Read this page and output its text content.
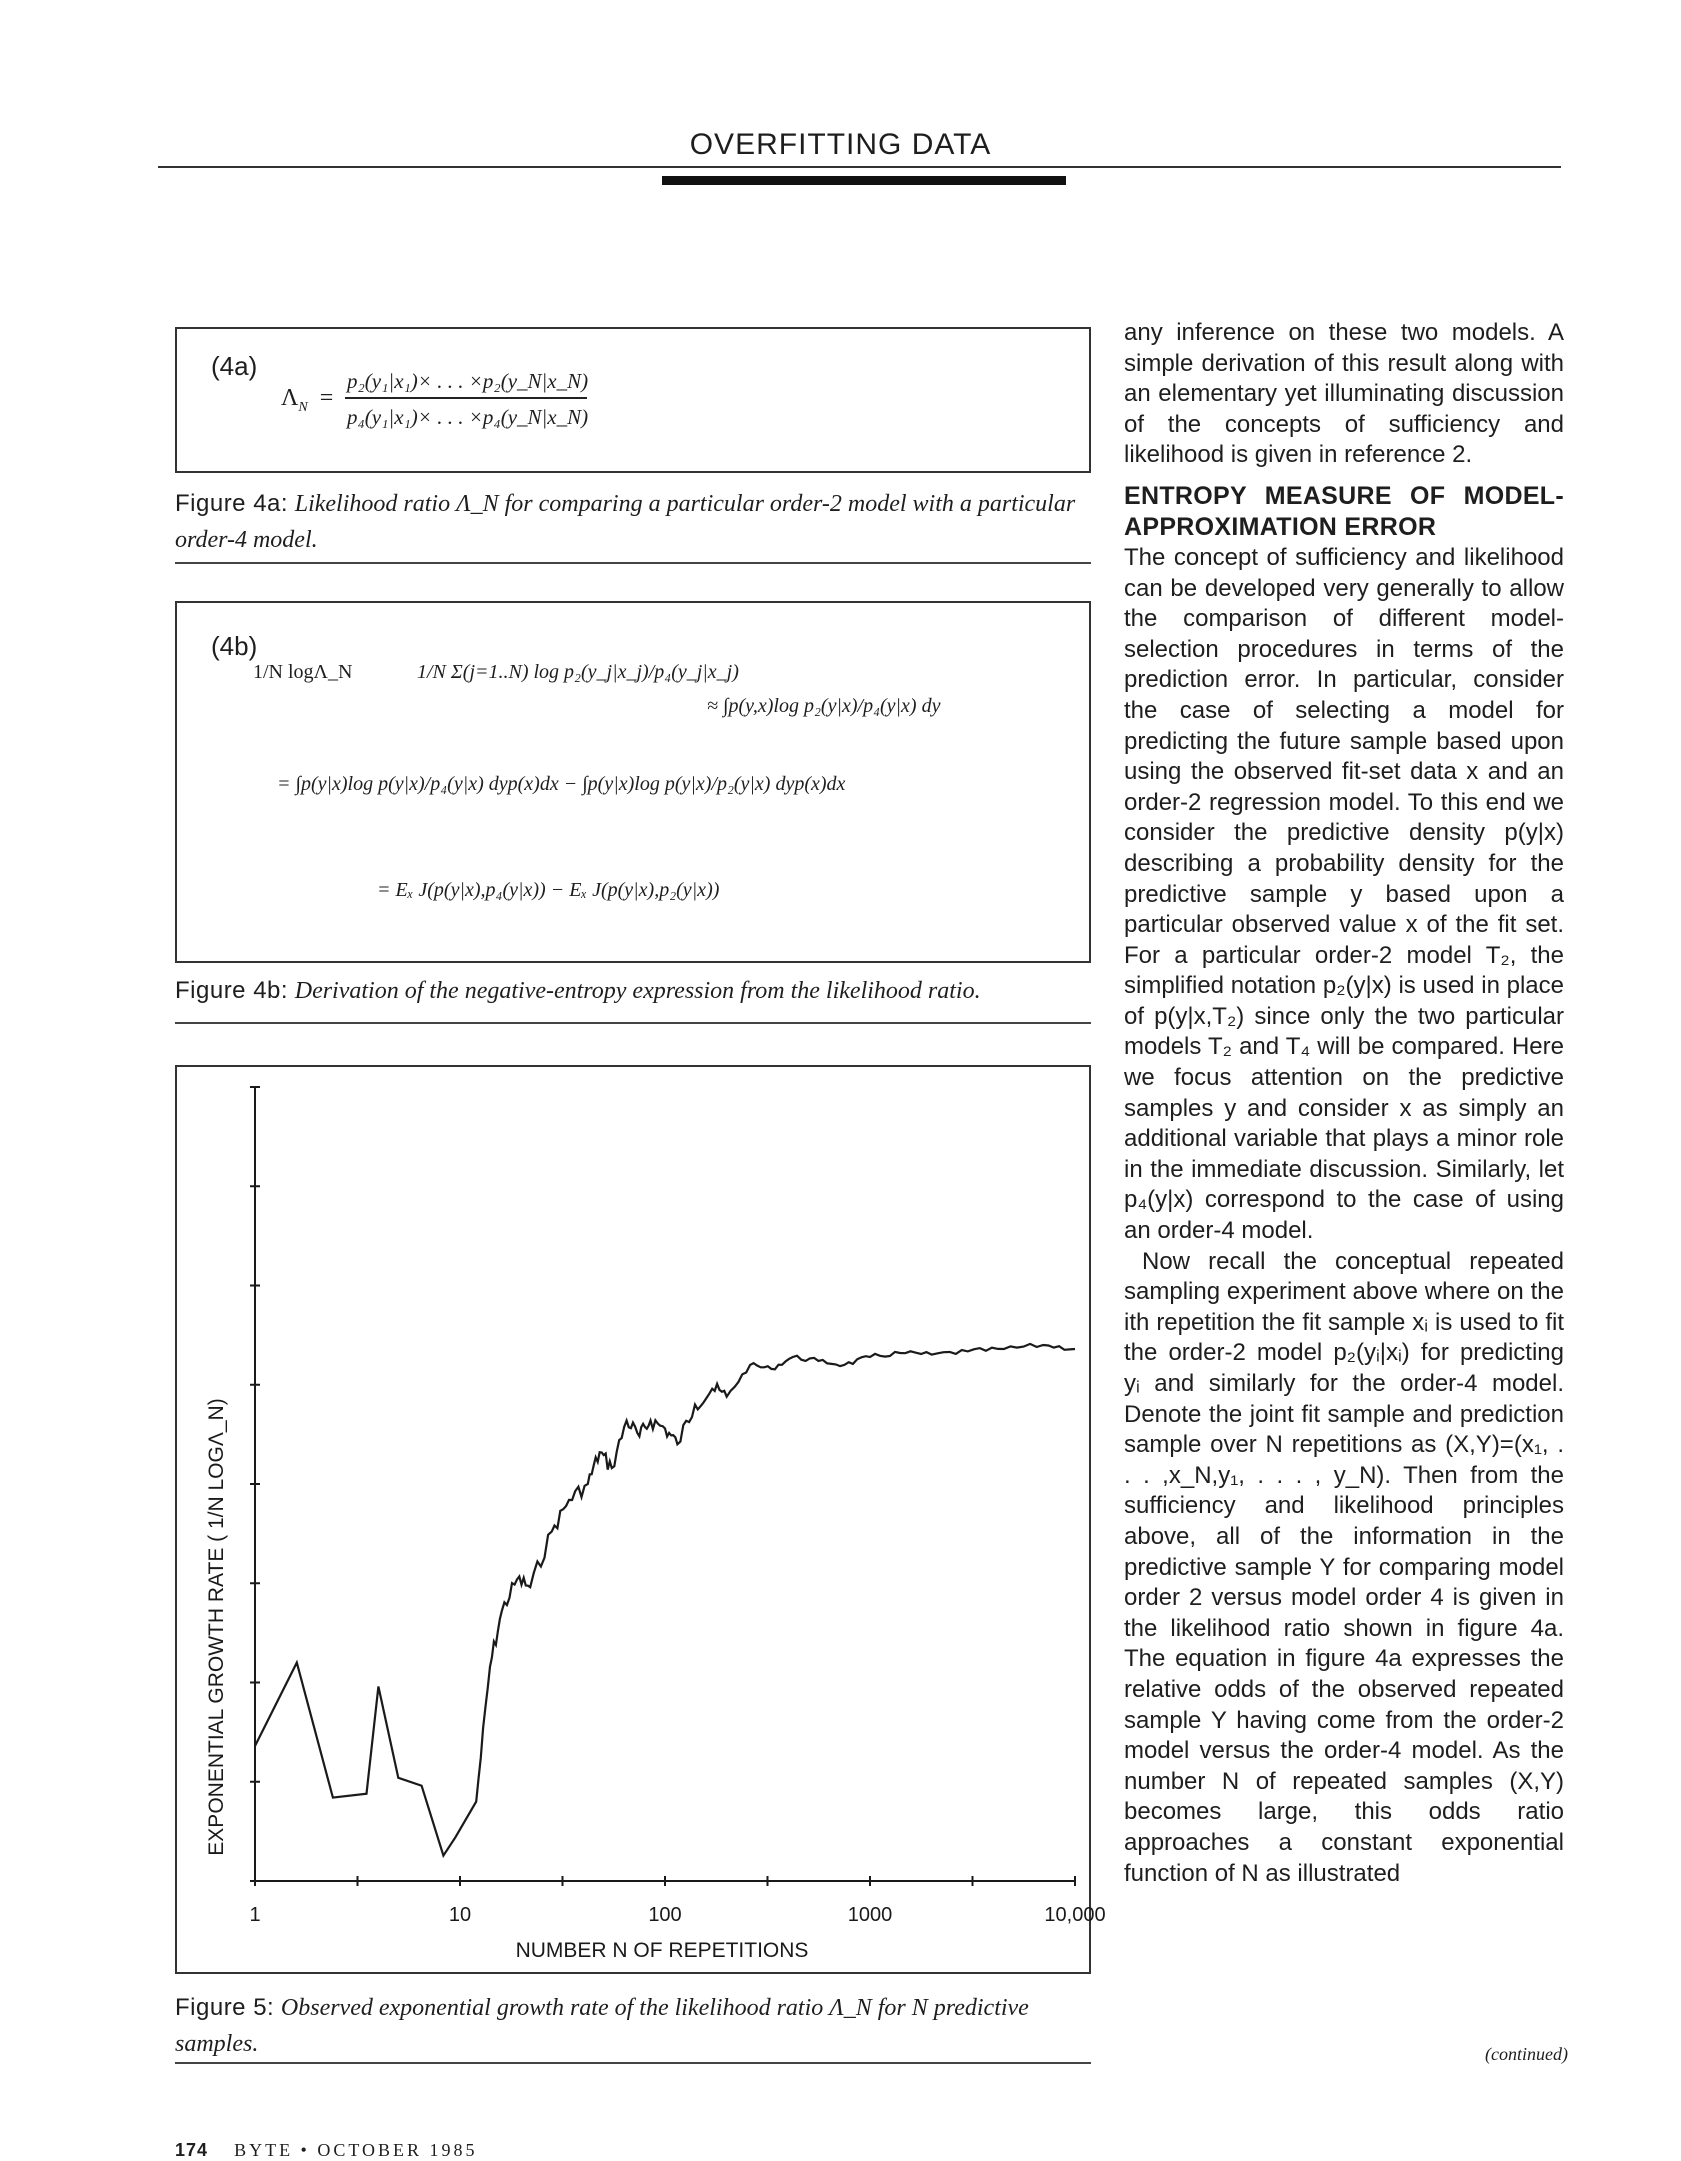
OVERFITTING DATA
(4a)
$\Lambda_N$ =
p₂(y₁|x₁)× . . . ×p₂(y_N|x_N)
p₄(y₁|x₁)× . . . ×p₄(y_N|x_N)
Figure 4a: Likelihood ratio Λ_N for comparing a particular order-2 model with a particular order-4 model.
(4b)
1/N logΛ_N	1/N Σ(j=1..N) log p₂(y_j|x_j)/p₄(y_j|x_j)
≈ ∫p(y,x)log p₂(y|x)/p₄(y|x) dy
= ∫p(y|x)log p(y|x)/p₄(y|x) dyp(x)dx − ∫p(y|x)log p(y|x)/p₂(y|x) dyp(x)dx
= Eₓ J(p(y|x),p₄(y|x)) − Eₓ J(p(y|x),p₂(y|x))
Figure 4b: Derivation of the negative-entropy expression from the likelihood ratio.
1	10	100	1000	10,000
NUMBER N OF REPETITIONS
EXPONENTIAL GROWTH RATE ( 1/N LOGΛ_N)
Figure 5: Observed exponential growth rate of the likelihood ratio Λ_N for N predictive samples.

any inference on these two models. A simple derivation of this result along with an elementary yet illuminating discussion of the concepts of sufficiency and likelihood is given in reference 2.

ENTROPY MEASURE OF MODEL-APPROXIMATION ERROR

The concept of sufficiency and likelihood can be developed very generally to allow the comparison of different model-selection procedures in terms of the prediction error. In particular, consider the case of selecting a model for predicting the future sample based upon using the observed fit-set data x and an order-2 regression model. To this end we consider the predictive density p(y|x) describing a probability density for the predictive sample y based upon a particular observed value x of the fit set. For a particular order-2 model T₂, the simplified notation p₂(y|x) is used in place of p(y|x,T₂) since only the two particular models T₂ and T₄ will be compared. Here we focus attention on the predictive samples y and consider x as simply an additional variable that plays a minor role in the immediate discussion. Similarly, let p₄(y|x) correspond to the case of using an order-4 model.

Now recall the conceptual repeated sampling experiment above where on the ith repetition the fit sample xᵢ is used to fit the order-2 model p₂(yᵢ|xᵢ) for predicting yᵢ and similarly for the order-4 model. Denote the joint fit sample and prediction sample over N repetitions as (X,Y)=(x₁, . . . ,x_N,y₁, . . . , y_N). Then from the sufficiency and likelihood principles above, all of the information in the predictive sample Y for comparing model order 2 versus model order 4 is given in the likelihood ratio shown in figure 4a. The equation in figure 4a expresses the relative odds of the observed repeated sample Y having come from the order-2 model versus the order-4 model. As the number N of repeated samples (X,Y) becomes large, this odds ratio approaches a constant exponential function of N as illustrated

(continued)
174 BYTE • OCTOBER 1985
